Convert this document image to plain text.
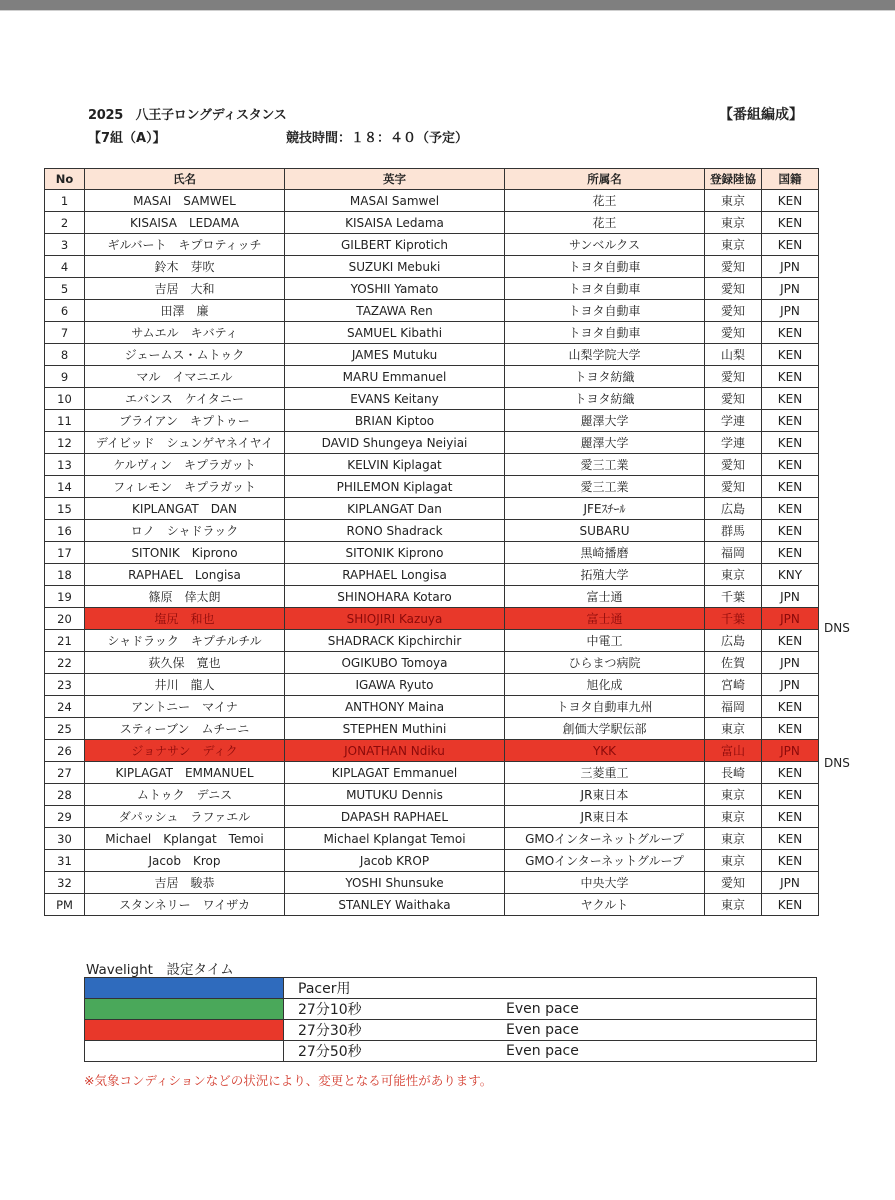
2025　八王子ロングディスタンス
【7組（A）】	競技時間：１８：４０（予定）
【番組編成】
No	氏名	英字	所属名	登録陸協	国籍
1	MASAI　SAMWEL	MASAI Samwel	花王	東京	KEN
2	KISAISA　LEDAMA	KISAISA Ledama	花王	東京	KEN
3	ギルバート　キプロティッチ	GILBERT Kiprotich	サンベルクス	東京	KEN
4	鈴木　芽吹	SUZUKI Mebuki	トヨタ自動車	愛知	JPN
5	吉居　大和	YOSHII Yamato	トヨタ自動車	愛知	JPN
6	田澤　廉	TAZAWA Ren	トヨタ自動車	愛知	JPN
7	サムエル　キバティ	SAMUEL Kibathi	トヨタ自動車	愛知	KEN
8	ジェームス・ムトゥク	JAMES Mutuku	山梨学院大学	山梨	KEN
9	マル　イマニエル	MARU Emmanuel	トヨタ紡織	愛知	KEN
10	エバンス　ケイタニー	EVANS Keitany	トヨタ紡織	愛知	KEN
11	ブライアン　キプトゥー	BRIAN Kiptoo	麗澤大学	学連	KEN
12	デイビッド　シュンゲヤネイヤイ	DAVID Shungeya Neiyiai	麗澤大学	学連	KEN
13	ケルヴィン　キプラガット	KELVIN Kiplagat	愛三工業	愛知	KEN
14	フィレモン　キプラガット	PHILEMON Kiplagat	愛三工業	愛知	KEN
15	KIPLANGAT　DAN	KIPLANGAT Dan	JFEｽﾁｰﾙ	広島	KEN
16	ロノ　シャドラック	RONO Shadrack	SUBARU	群馬	KEN
17	SITONIK　Kiprono	SITONIK Kiprono	黒崎播磨	福岡	KEN
18	RAPHAEL　Longisa	RAPHAEL Longisa	拓殖大学	東京	KNY
19	篠原　倖太朗	SHINOHARA Kotaro	富士通	千葉	JPN
20	塩尻　和也	SHIOJIRI Kazuya	富士通	千葉	JPN
21	シャドラック　キプチルチル	SHADRACK Kipchirchir	中電工	広島	KEN
22	荻久保　寛也	OGIKUBO Tomoya	ひらまつ病院	佐賀	JPN
23	井川　龍人	IGAWA Ryuto	旭化成	宮崎	JPN
24	アントニー　マイナ	ANTHONY Maina	トヨタ自動車九州	福岡	KEN
25	スティーブン　ムチーニ	STEPHEN Muthini	創価大学駅伝部	東京	KEN
26	ジョナサン　ディク	JONATHAN Ndiku	YKK	富山	JPN
27	KIPLAGAT　EMMANUEL	KIPLAGAT Emmanuel	三菱重工	長崎	KEN
28	ムトゥク　デニス	MUTUKU Dennis	JR東日本	東京	KEN
29	ダパッシュ　ラファエル	DAPASH RAPHAEL	JR東日本	東京	KEN
30	Michael　Kplangat　Temoi	Michael Kplangat Temoi	GMOインターネットグループ	東京	KEN
31	Jacob　Krop	Jacob KROP	GMOインターネットグループ	東京	KEN
32	吉居　駿恭	YOSHI Shunsuke	中央大学	愛知	JPN
PM	スタンネリー　ワイザカ	STANLEY Waithaka	ヤクルト	東京	KEN
DNS
DNS
Wavelight　設定タイム
	Pacer用	
	27分10秒	Even pace
	27分30秒	Even pace
	27分50秒	Even pace
※気象コンディションなどの状況により、変更となる可能性があります。
